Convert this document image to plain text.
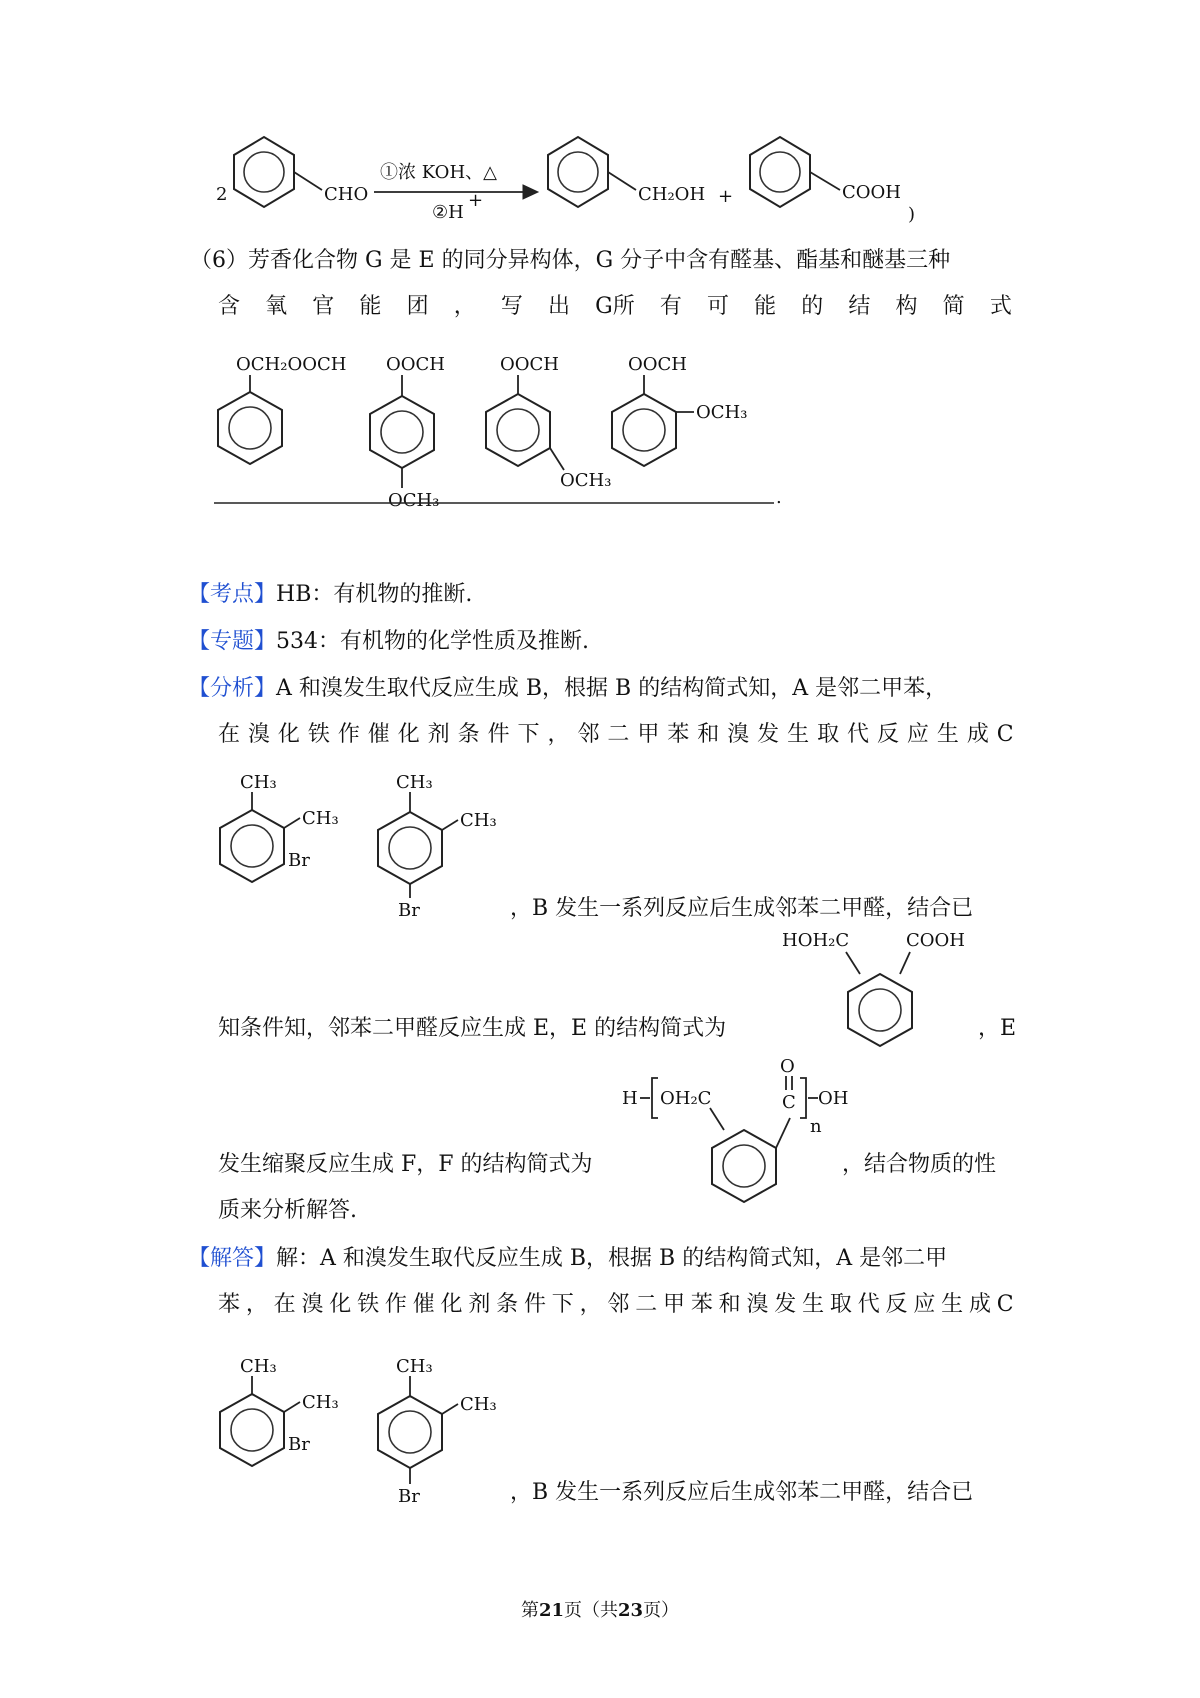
2	CHO
①浓 KOH、△
②H
+	CH₂OH +	COOH
)
（6）芳香化合物 G 是 E 的同分异构体，G 分子中含有醛基、酯基和醚基三种
含 氧 官 能 团 ， 写 出 G所 有 可 能 的 结 构 简 式
OCH₂OOCH OOCH
OCH₃
OOCH
OCH₃
OOCH
OCH₃
.
【考点】HB：有机物的推断.
【专题】534：有机物的化学性质及推断.
【分析】A 和溴发生取代反应生成 B，根据 B 的结构简式知，A 是邻二甲苯，
在 溴 化 铁 作 催 化 剂 条 件 下 ， 邻 二 甲 苯 和 溴 发 生 取 代 反 应 生 成 C
CH₃
CH₃
Br
CH₃
CH₃
Br	，B 发生一系列反应后生成邻苯二甲醛，结合已
HOH₂C	COOH
知条件知，邻苯二甲醛反应生成 E，E 的结构简式为	，E
H OH₂C	C
O
OH
n
发生缩聚反应生成 F，F 的结构简式为	，结合物质的性
质来分析解答.
【解答】解：A 和溴发生取代反应生成 B，根据 B 的结构简式知，A 是邻二甲
苯 ， 在 溴 化 铁 作 催 化 剂 条 件 下 ， 邻 二 甲 苯 和 溴 发 生 取 代 反 应 生 成 C
CH₃
CH₃
Br
CH₃
CH₃
Br	，B 发生一系列反应后生成邻苯二甲醛，结合已
第21页（共23页）
